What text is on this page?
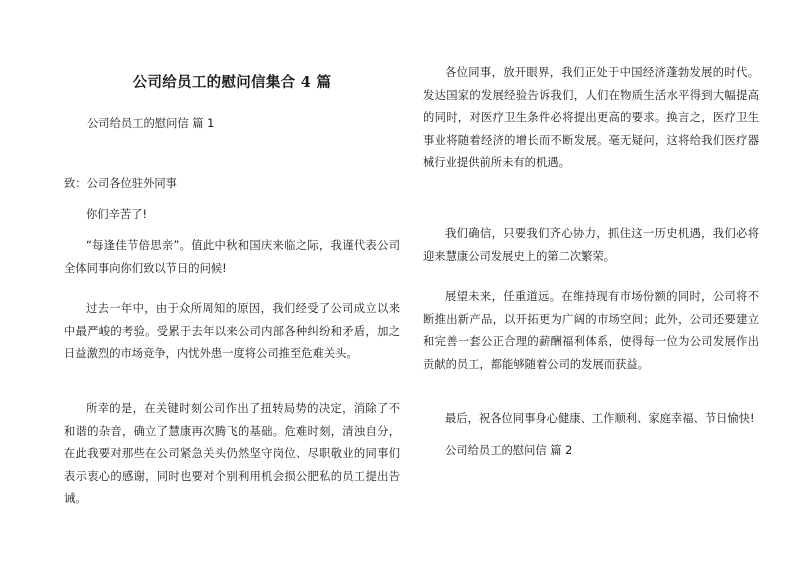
公司给员工的慰问信集合 4 篇

公司给员工的慰问信 篇 1

致：公司各位驻外同事

你们辛苦了!

“每逢佳节倍思亲”。值此中秋和国庆来临之际，我谨代表公司全体同事向你们致以节日的问候!

过去一年中，由于众所周知的原因，我们经受了公司成立以来中最严峻的考验。受累于去年以来公司内部各种纠纷和矛盾，加之日益激烈的市场竞争，内忧外患一度将公司推至危难关头。

所幸的是，在关键时刻公司作出了扭转局势的决定，消除了不和谐的杂音，确立了慧康再次腾飞的基础。危难时刻，清浊自分，在此我要对那些在公司紧急关头仍然坚守岗位、尽职敬业的同事们表示衷心的感谢，同时也要对个别利用机会损公肥私的员工提出告诫。

各位同事，放开眼界，我们正处于中国经济蓬勃发展的时代。发达国家的发展经验告诉我们，人们在物质生活水平得到大幅提高的同时，对医疗卫生条件必将提出更高的要求。换言之，医疗卫生事业将随着经济的增长而不断发展。毫无疑问，这将给我们医疗器械行业提供前所未有的机遇。

我们确信，只要我们齐心协力，抓住这一历史机遇，我们必将迎来慧康公司发展史上的第二次繁荣。

展望未来，任重道远。在维持现有市场份额的同时，公司将不断推出新产品，以开拓更为广阔的市场空间；此外，公司还要建立和完善一套公正合理的薪酬福利体系，使得每一位为公司发展作出贡献的员工，都能够随着公司的发展而获益。

最后，祝各位同事身心健康、工作顺利、家庭幸福、节日愉快!

公司给员工的慰问信 篇 2
